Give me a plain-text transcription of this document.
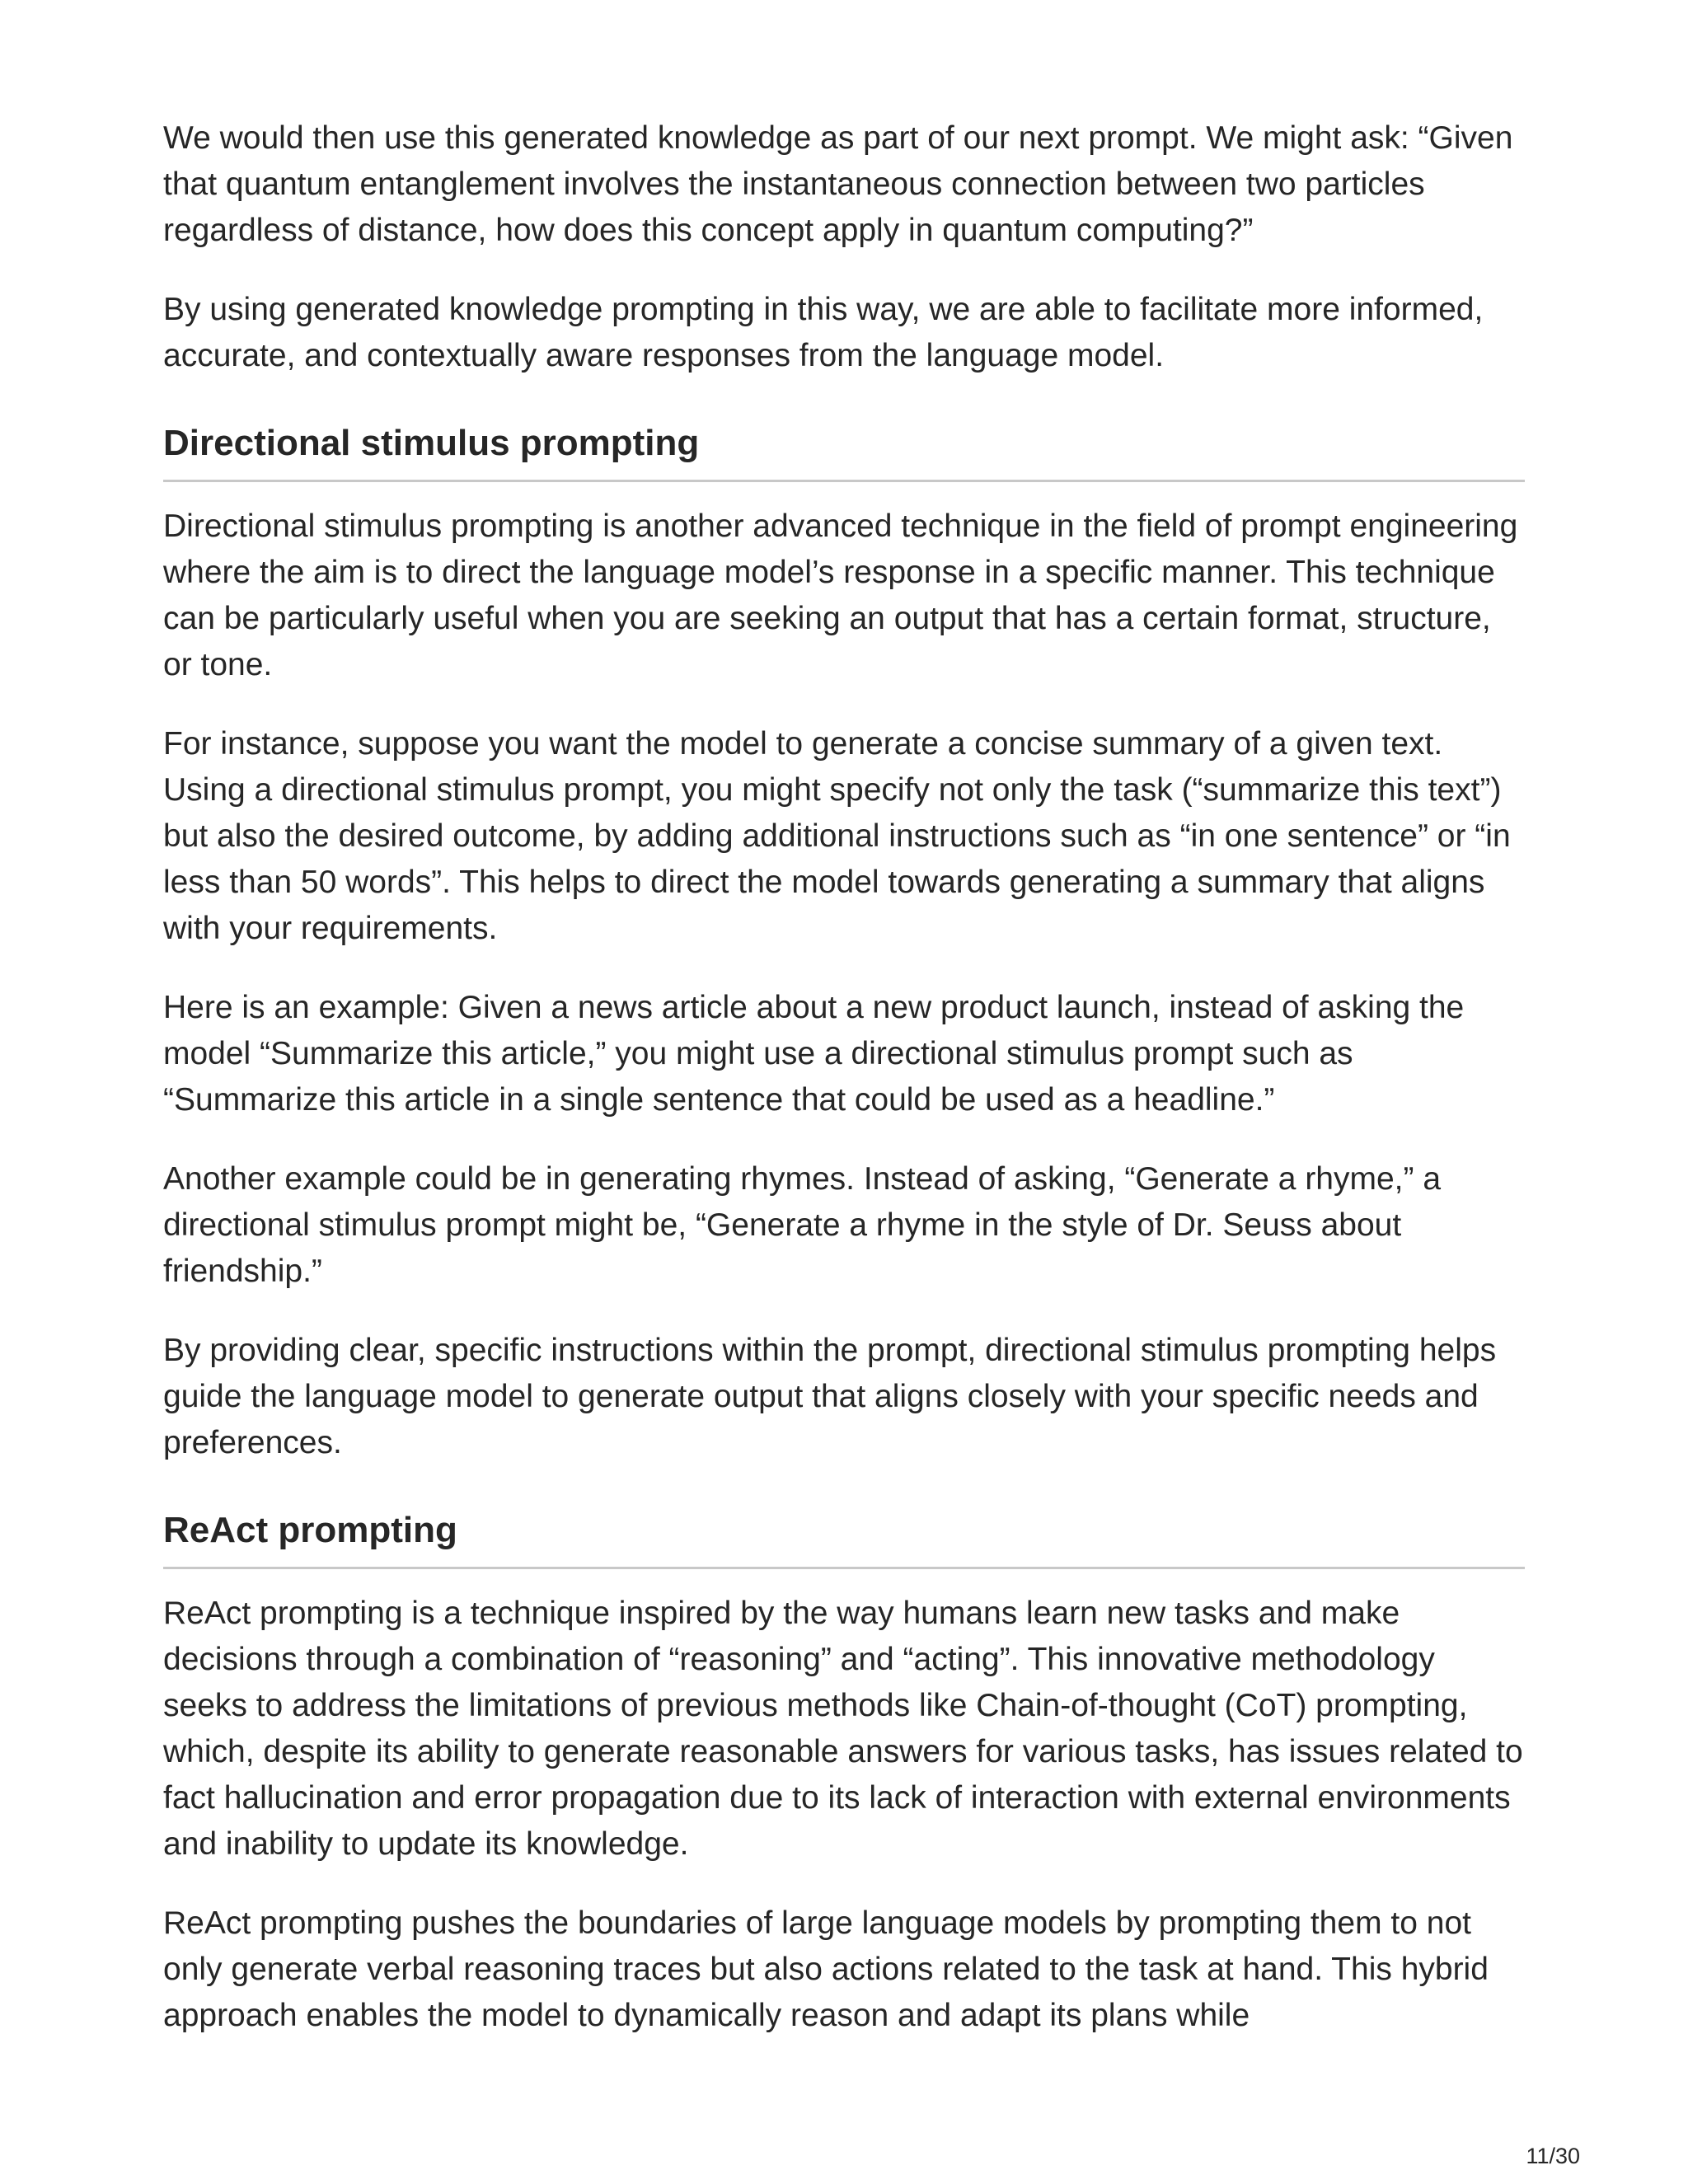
We would then use this generated knowledge as part of our next prompt. We might ask: “Given that quantum entanglement involves the instantaneous connection between two particles regardless of distance, how does this concept apply in quantum computing?”

By using generated knowledge prompting in this way, we are able to facilitate more informed, accurate, and contextually aware responses from the language model.

Directional stimulus prompting

Directional stimulus prompting is another advanced technique in the field of prompt engineering where the aim is to direct the language model’s response in a specific manner. This technique can be particularly useful when you are seeking an output that has a certain format, structure, or tone.

For instance, suppose you want the model to generate a concise summary of a given text. Using a directional stimulus prompt, you might specify not only the task (“summarize this text”) but also the desired outcome, by adding additional instructions such as “in one sentence” or “in less than 50 words”. This helps to direct the model towards generating a summary that aligns with your requirements.

Here is an example: Given a news article about a new product launch, instead of asking the model “Summarize this article,” you might use a directional stimulus prompt such as “Summarize this article in a single sentence that could be used as a headline.”

Another example could be in generating rhymes. Instead of asking, “Generate a rhyme,” a directional stimulus prompt might be, “Generate a rhyme in the style of Dr. Seuss about friendship.”

By providing clear, specific instructions within the prompt, directional stimulus prompting helps guide the language model to generate output that aligns closely with your specific needs and preferences.

ReAct prompting

ReAct prompting is a technique inspired by the way humans learn new tasks and make decisions through a combination of “reasoning” and “acting”. This innovative methodology seeks to address the limitations of previous methods like Chain-of-thought (CoT) prompting, which, despite its ability to generate reasonable answers for various tasks, has issues related to fact hallucination and error propagation due to its lack of interaction with external environments and inability to update its knowledge.

ReAct prompting pushes the boundaries of large language models by prompting them to not only generate verbal reasoning traces but also actions related to the task at hand. This hybrid approach enables the model to dynamically reason and adapt its plans while

11/30
